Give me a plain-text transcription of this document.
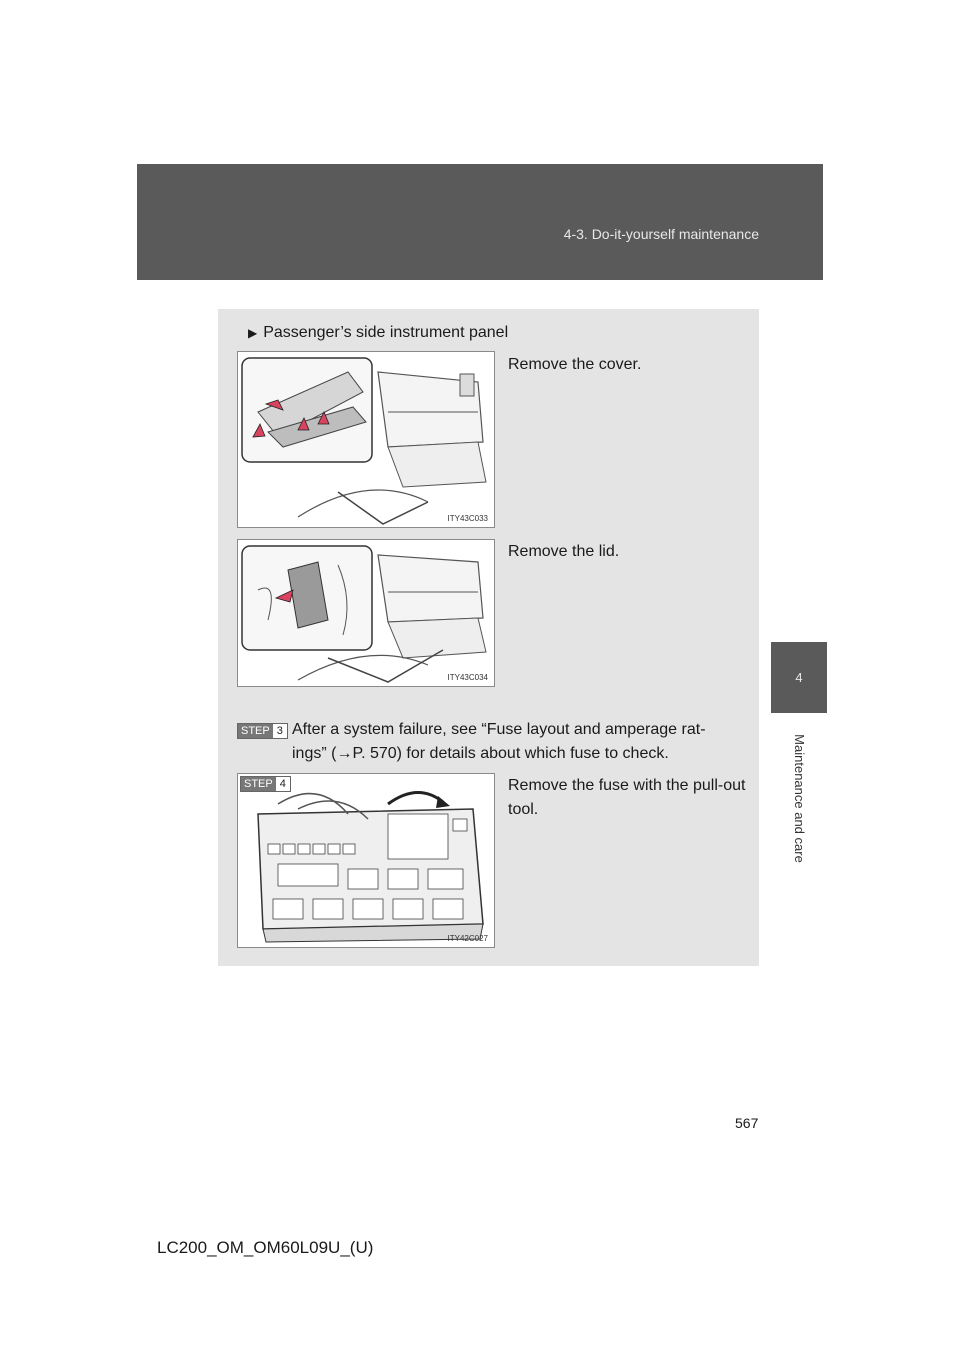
4-3. Do-it-yourself maintenance
4
Maintenance and care
▶ Passenger’s side instrument panel
ITY43C033
Remove the cover.
ITY43C034
Remove the lid.
STEP 3 After a system failure, see “Fuse layout and amperage rat-

ings” (→P. 570) for details about which fuse to check.

STEP 4
ITY42C027
Remove the fuse with the pull-out tool.
567
LC200_OM_OM60L09U_(U)
